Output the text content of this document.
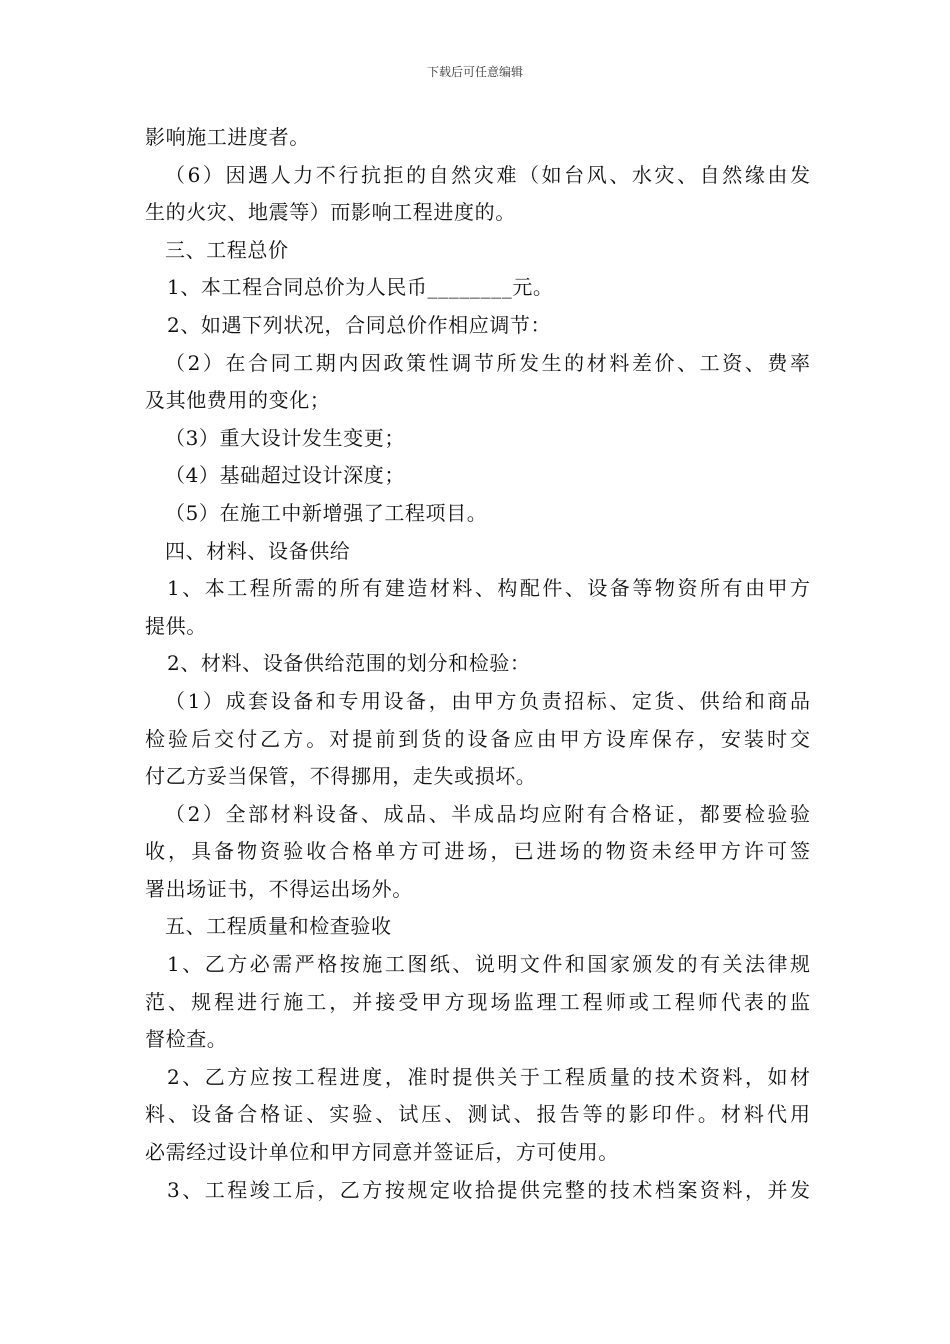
下载后可任意编辑
影响施工进度者。
（6）因遇人力不行抗拒的自然灾难（如台风、水灾、自然缘由发
生的火灾、地震等）而影响工程进度的。
三、工程总价
1、本工程合同总价为人民币________元。
2、如遇下列状况，合同总价作相应调节：
（2）在合同工期内因政策性调节所发生的材料差价、工资、费率
及其他费用的变化；
（3）重大设计发生变更；
（4）基础超过设计深度；
（5）在施工中新增强了工程项目。
四、材料、设备供给
1、本工程所需的所有建造材料、构配件、设备等物资所有由甲方
提供。
2、材料、设备供给范围的划分和检验：
（1）成套设备和专用设备，由甲方负责招标、定货、供给和商品
检验后交付乙方。对提前到货的设备应由甲方设库保存，安装时交
付乙方妥当保管，不得挪用，走失或损坏。
（2）全部材料设备、成品、半成品均应附有合格证，都要检验验
收，具备物资验收合格单方可进场，已进场的物资未经甲方许可签
署出场证书，不得运出场外。
五、工程质量和检查验收
1、乙方必需严格按施工图纸、说明文件和国家颁发的有关法律规
范、规程进行施工，并接受甲方现场监理工程师或工程师代表的监
督检查。
2、乙方应按工程进度，准时提供关于工程质量的技术资料，如材
料、设备合格证、实验、试压、测试、报告等的影印件。材料代用
必需经过设计单位和甲方同意并签证后，方可使用。
3、工程竣工后，乙方按规定收拾提供完整的技术档案资料，并发
